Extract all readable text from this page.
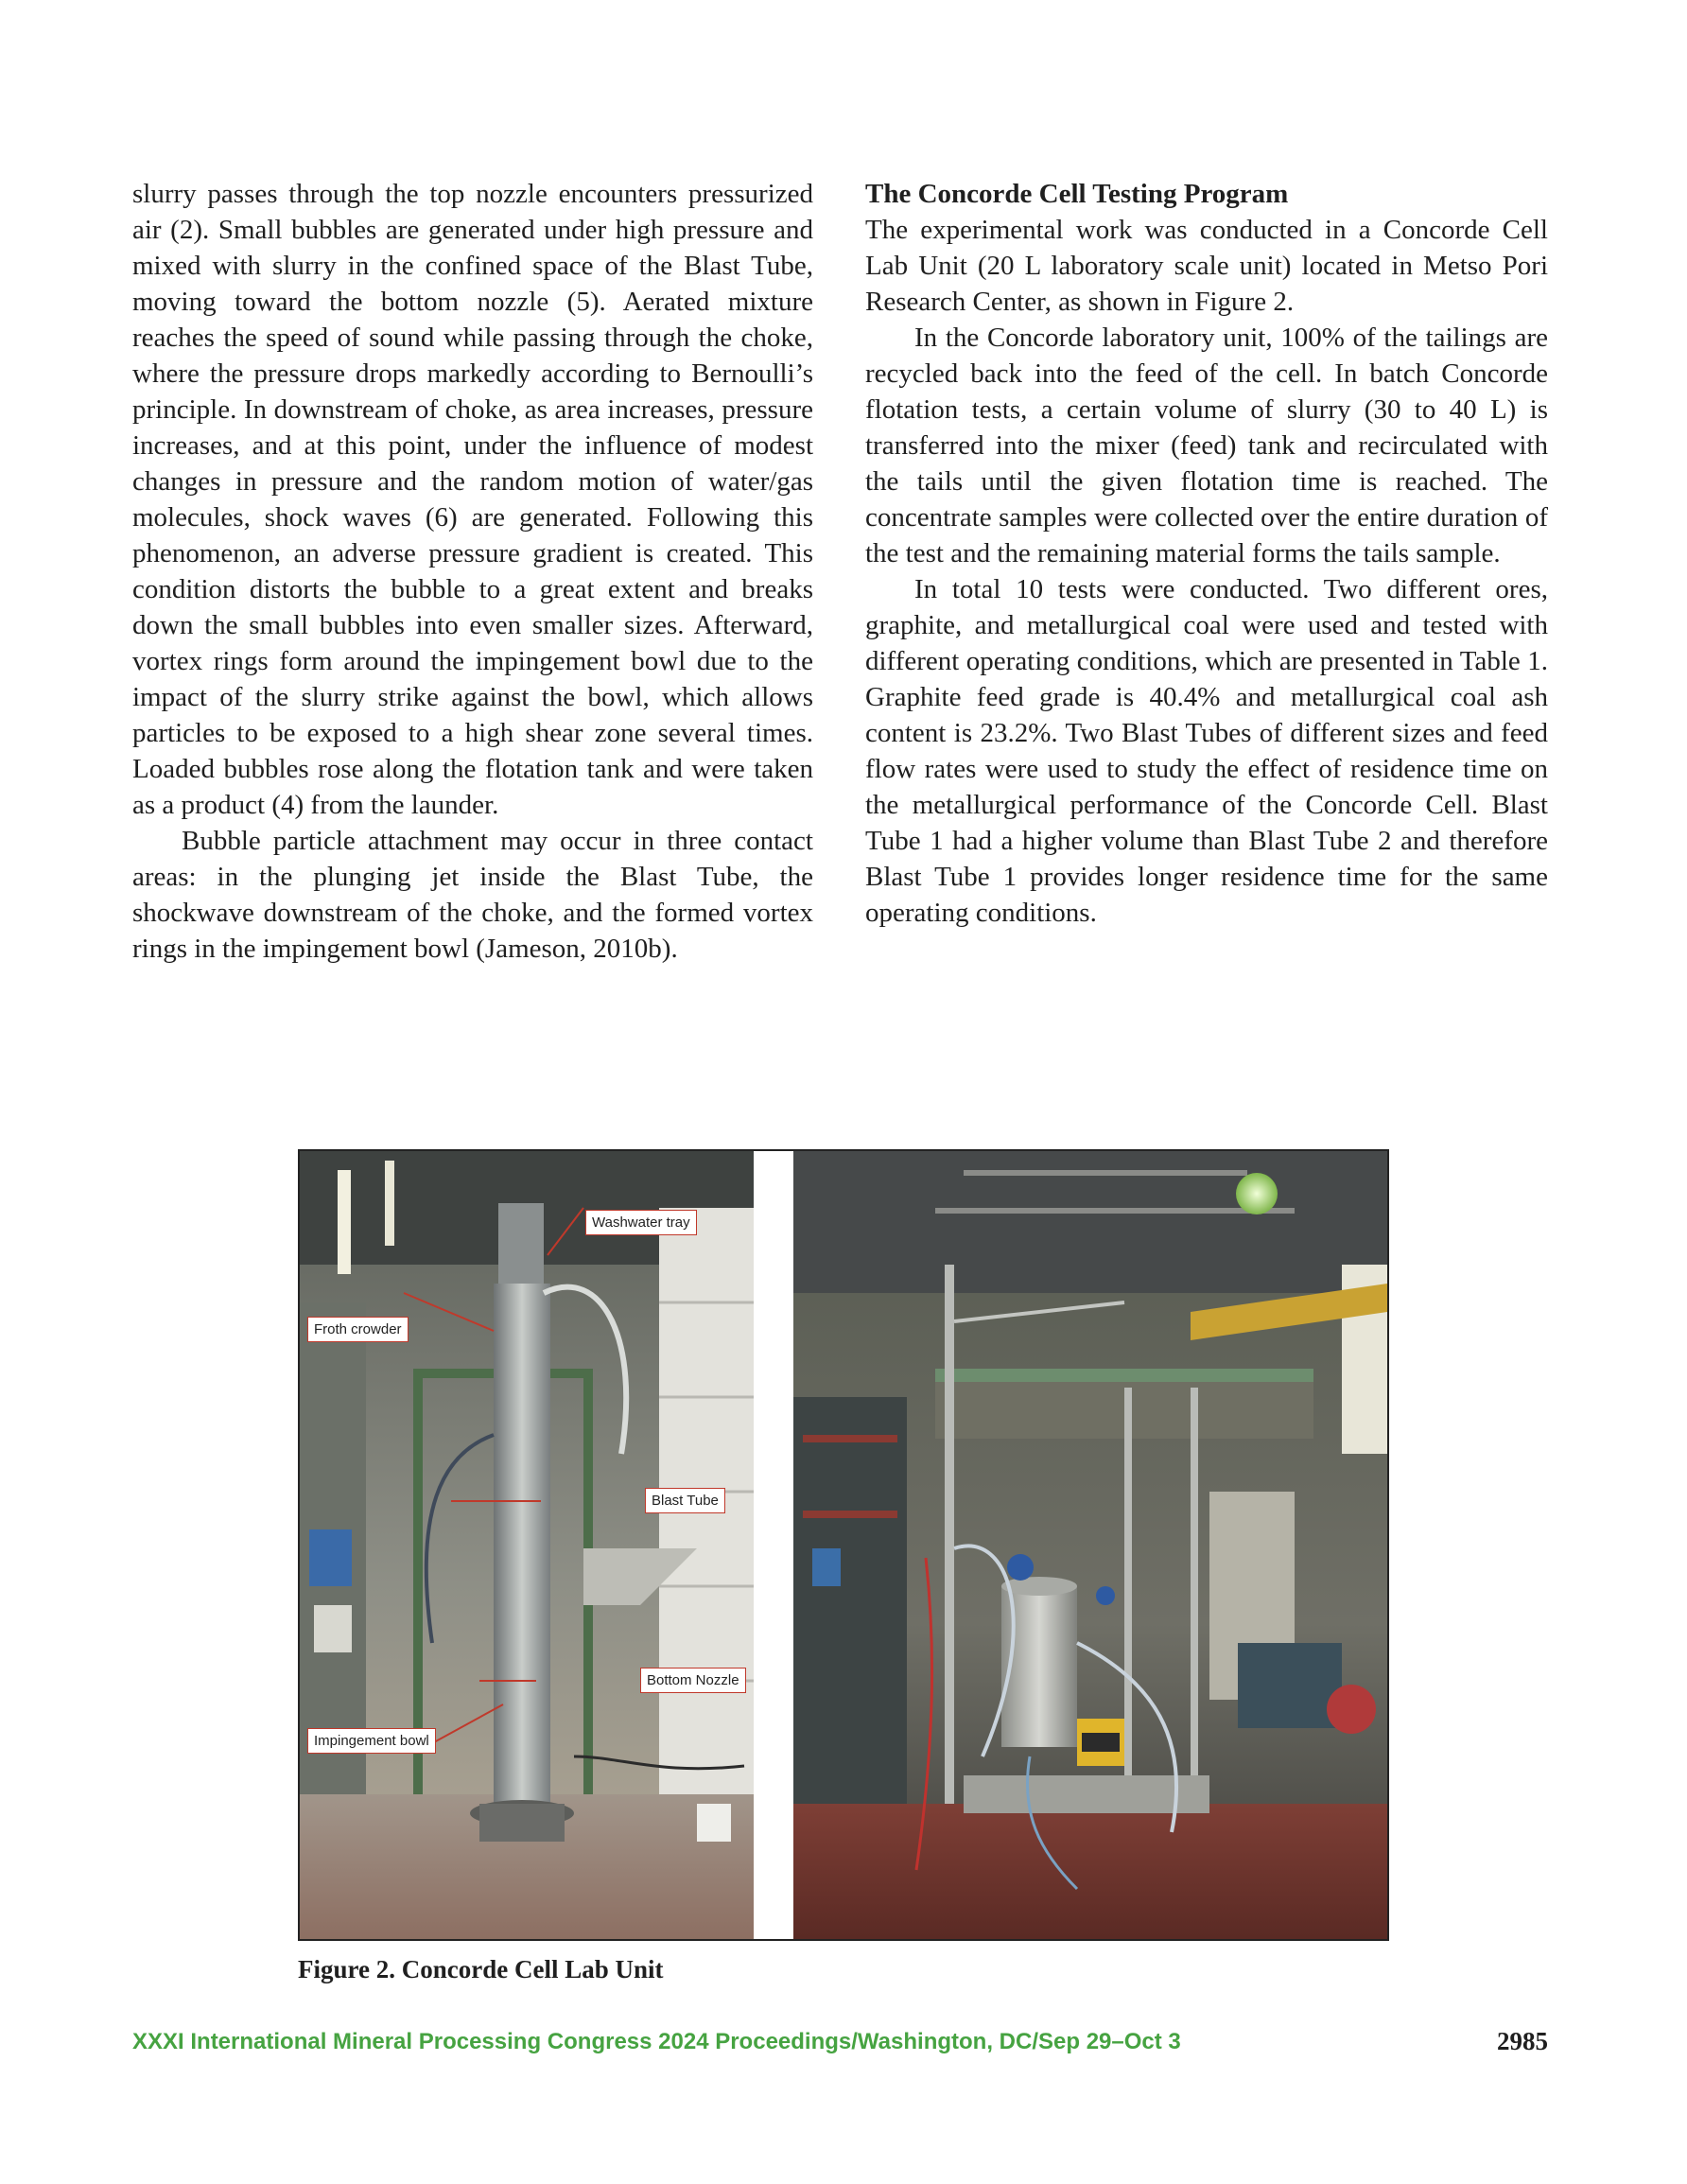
slurry passes through the top nozzle encounters pressurized air (2). Small bubbles are generated under high pressure and mixed with slurry in the confined space of the Blast Tube, moving toward the bottom nozzle (5). Aerated mixture reaches the speed of sound while passing through the choke, where the pressure drops markedly according to Bernoulli’s principle. In downstream of choke, as area increases, pressure increases, and at this point, under the influence of modest changes in pressure and the random motion of water/gas molecules, shock waves (6) are generated. Following this phenomenon, an adverse pressure gradient is created. This condition distorts the bubble to a great extent and breaks down the small bubbles into even smaller sizes. Afterward, vortex rings form around the impingement bowl due to the impact of the slurry strike against the bowl, which allows particles to be exposed to a high shear zone several times. Loaded bubbles rose along the flotation tank and were taken as a product (4) from the launder.

Bubble particle attachment may occur in three contact areas: in the plunging jet inside the Blast Tube, the shockwave downstream of the choke, and the formed vortex rings in the impingement bowl (Jameson, 2010b).

The Concorde Cell Testing Program

The experimental work was conducted in a Concorde Cell Lab Unit (20 L laboratory scale unit) located in Metso Pori Research Center, as shown in Figure 2.

In the Concorde laboratory unit, 100% of the tailings are recycled back into the feed of the cell. In batch Concorde flotation tests, a certain volume of slurry (30 to 40 L) is transferred into the mixer (feed) tank and recirculated with the tails until the given flotation time is reached. The concentrate samples were collected over the entire duration of the test and the remaining material forms the tails sample.

In total 10 tests were conducted. Two different ores, graphite, and metallurgical coal were used and tested with different operating conditions, which are presented in Table 1. Graphite feed grade is 40.4% and metallurgical coal ash content is 23.2%. Two Blast Tubes of different sizes and feed flow rates were used to study the effect of residence time on the metallurgical performance of the Concorde Cell. Blast Tube 1 had a higher volume than Blast Tube 2 and therefore Blast Tube 1 provides longer residence time for the same operating conditions.

Washwater tray
Froth crowder
Blast Tube
Bottom Nozzle
Impingement bowl
Figure 2. Concorde Cell Lab Unit
XXXI International Mineral Processing Congress 2024 Proceedings/Washington, DC/Sep 29–Oct 3	2985
